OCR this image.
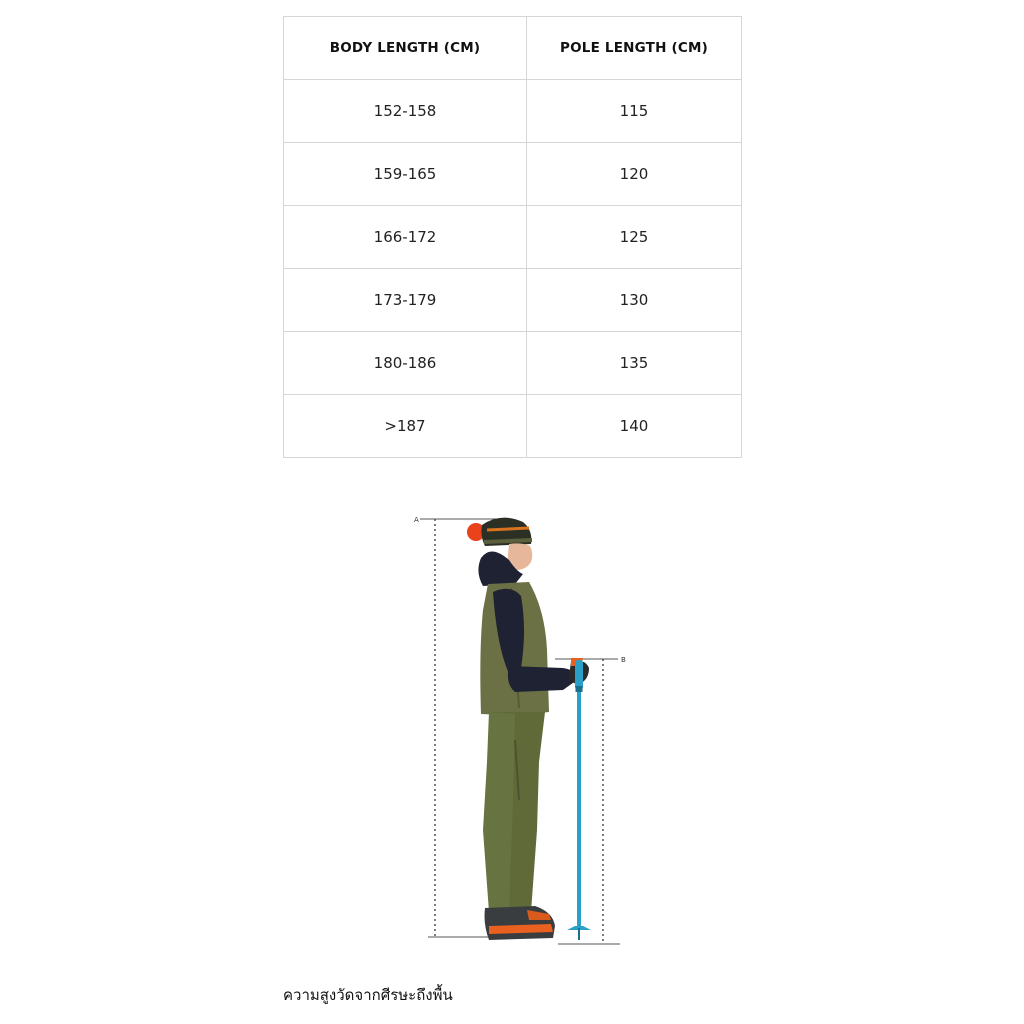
BODY LENGTH (CM)	POLE LENGTH (CM)
152-158	115
159-165	120
166-172	125
173-179	130
180-186	135
>187	140
A
B
ความสูงวัดจากศีรษะถึงพื้น
